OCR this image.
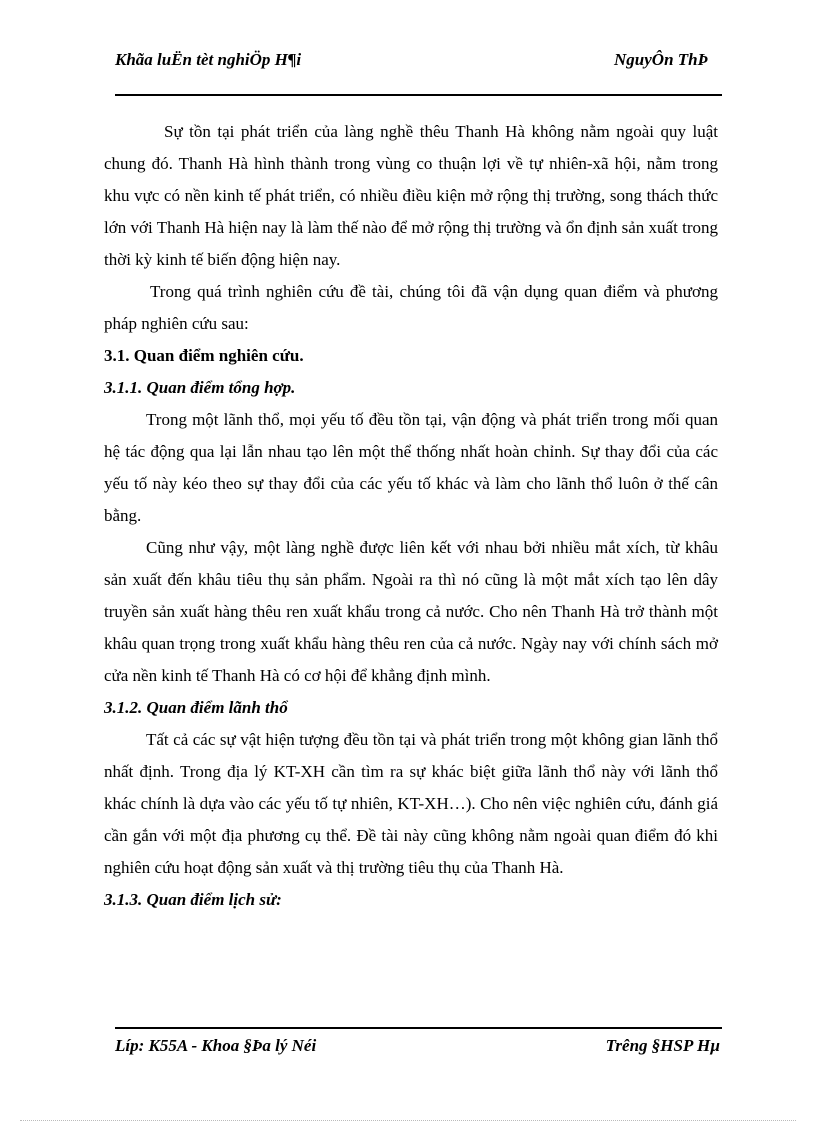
Khãa luËn tèt nghiÖp H¶i	NguyÔn ThÞ

Sự tồn tại phát triển của làng nghề thêu Thanh Hà không nằm ngoài quy luật chung đó. Thanh Hà hình thành trong vùng co thuận lợi về tự nhiên-xã hội, nằm trong khu vực có nền kinh tế phát triển, có nhiều điều kiện mở rộng thị trường, song thách thức lớn với Thanh Hà hiện nay là làm thế nào để mở rộng thị trường và ổn định sản xuất trong thời kỳ kinh tế biến động hiện nay.

Trong quá trình nghiên cứu đề tài, chúng tôi đã vận dụng quan điểm và phương pháp nghiên cứu sau:

3.1. Quan điểm nghiên cứu.
3.1.1. Quan điểm tổng hợp.

Trong một lãnh thổ, mọi yếu tố đều tồn tại, vận động và phát triển trong mối quan hệ tác động qua lại lẫn nhau tạo lên một thể thống nhất hoàn chỉnh. Sự thay đổi của các yếu tố này kéo theo sự thay đổi của các yếu tố khác và làm cho lãnh thổ luôn ở thế cân bằng.

Cũng như vậy, một làng nghề được liên kết với nhau bởi nhiều mắt xích, từ khâu sản xuất đến khâu tiêu thụ sản phẩm. Ngoài ra thì nó cũng là một mắt xích tạo lên dây truyền sản xuất hàng thêu ren xuất khẩu trong cả nước. Cho nên Thanh Hà trở thành một khâu quan trọng trong xuất khẩu hàng thêu ren của cả nước. Ngày nay với chính sách mở cửa nền kinh tế Thanh Hà có cơ hội để khẳng định mình.

3.1.2. Quan điểm lãnh thổ

Tất cả các sự vật hiện tượng đều tồn tại và phát triển trong một không gian lãnh thổ nhất định. Trong địa lý KT-XH cần tìm ra sự khác biệt giữa lãnh thổ này với lãnh thổ khác chính là dựa vào các yếu tố tự nhiên, KT-XH…). Cho nên việc nghiên cứu, đánh giá cần gắn với một địa phương cụ thể. Đề tài này cũng không nằm ngoài quan điểm đó khi nghiên cứu hoạt động sản xuất và thị trường tiêu thụ của Thanh Hà.

3.1.3. Quan điểm lịch sử:
Líp: K55A - Khoa §Þa lý Néi	Trêng §HSP Hµ
